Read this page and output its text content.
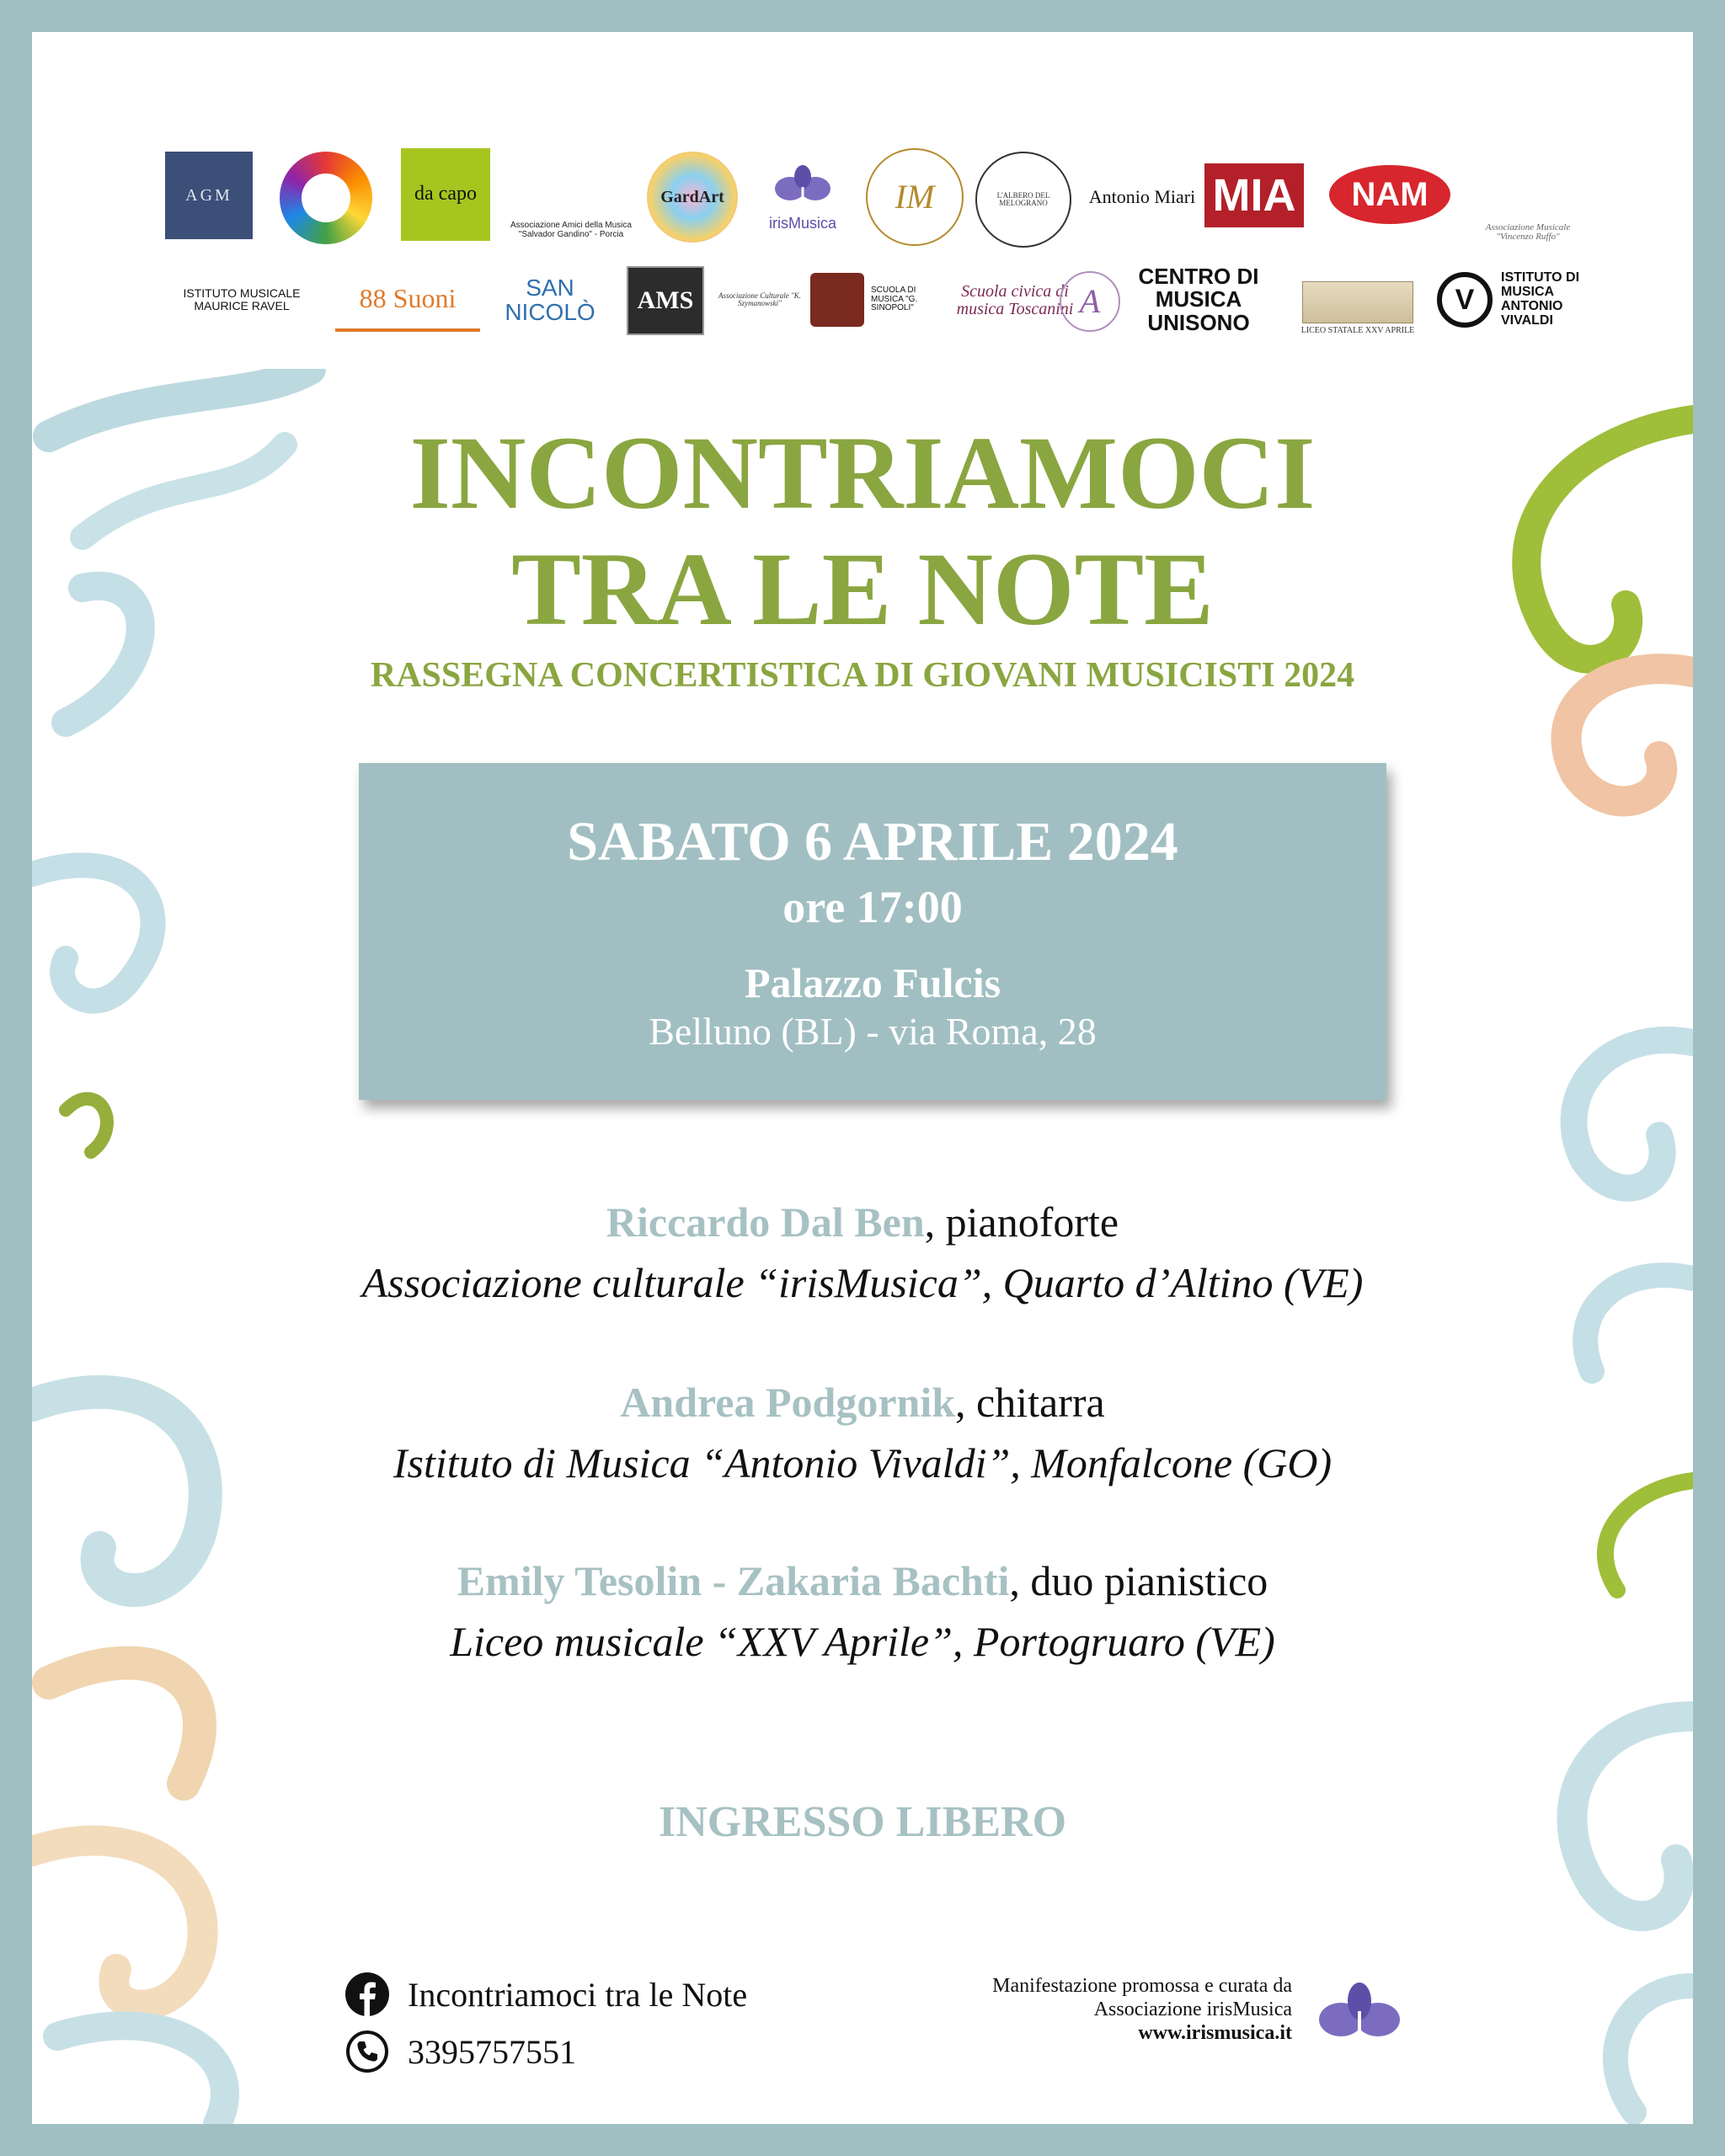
AGM	da capo
Associazione Amici della Musica "Salvador Gandino" - Porcia
GardArt
irisMusica
IM	L'ALBERO DEL MELOGRANO	Antonio Miari MIA NAM
Associazione Musicale "Vincenzo Ruffo"
ISTITUTO MUSICALE MAURICE RAVEL	88 Suoni	SAN NICOLÒ AMS	Associazione Culturale "K. Szymanowski"
SCUOLA DI MUSICA "G. SINOPOLI"
Scuola civica di musica Toscanini A
CENTRO DI MUSICA UNISONO	LICEO STATALE XXV APRILE
V
ISTITUTO DI MUSICA ANTONIO VIVALDI
INCONTRIAMOCI
TRA LE NOTE
RASSEGNA CONCERTISTICA DI GIOVANI MUSICISTI 2024
SABATO 6 APRILE 2024
ore 17:00
Palazzo Fulcis
Belluno (BL) - via Roma, 28
Riccardo Dal Ben, pianoforte
Associazione culturale “irisMusica”, Quarto d’Altino (VE)
Andrea Podgornik, chitarra
Istituto di Musica “Antonio Vivaldi”, Monfalcone (GO)
Emily Tesolin - Zakaria Bachti, duo pianistico
Liceo musicale “XXV Aprile”, Portogruaro (VE)
INGRESSO LIBERO
Incontriamoci tra le Note
3395757551
Manifestazione promossa e curata da
Associazione irisMusica
www.irismusica.it
